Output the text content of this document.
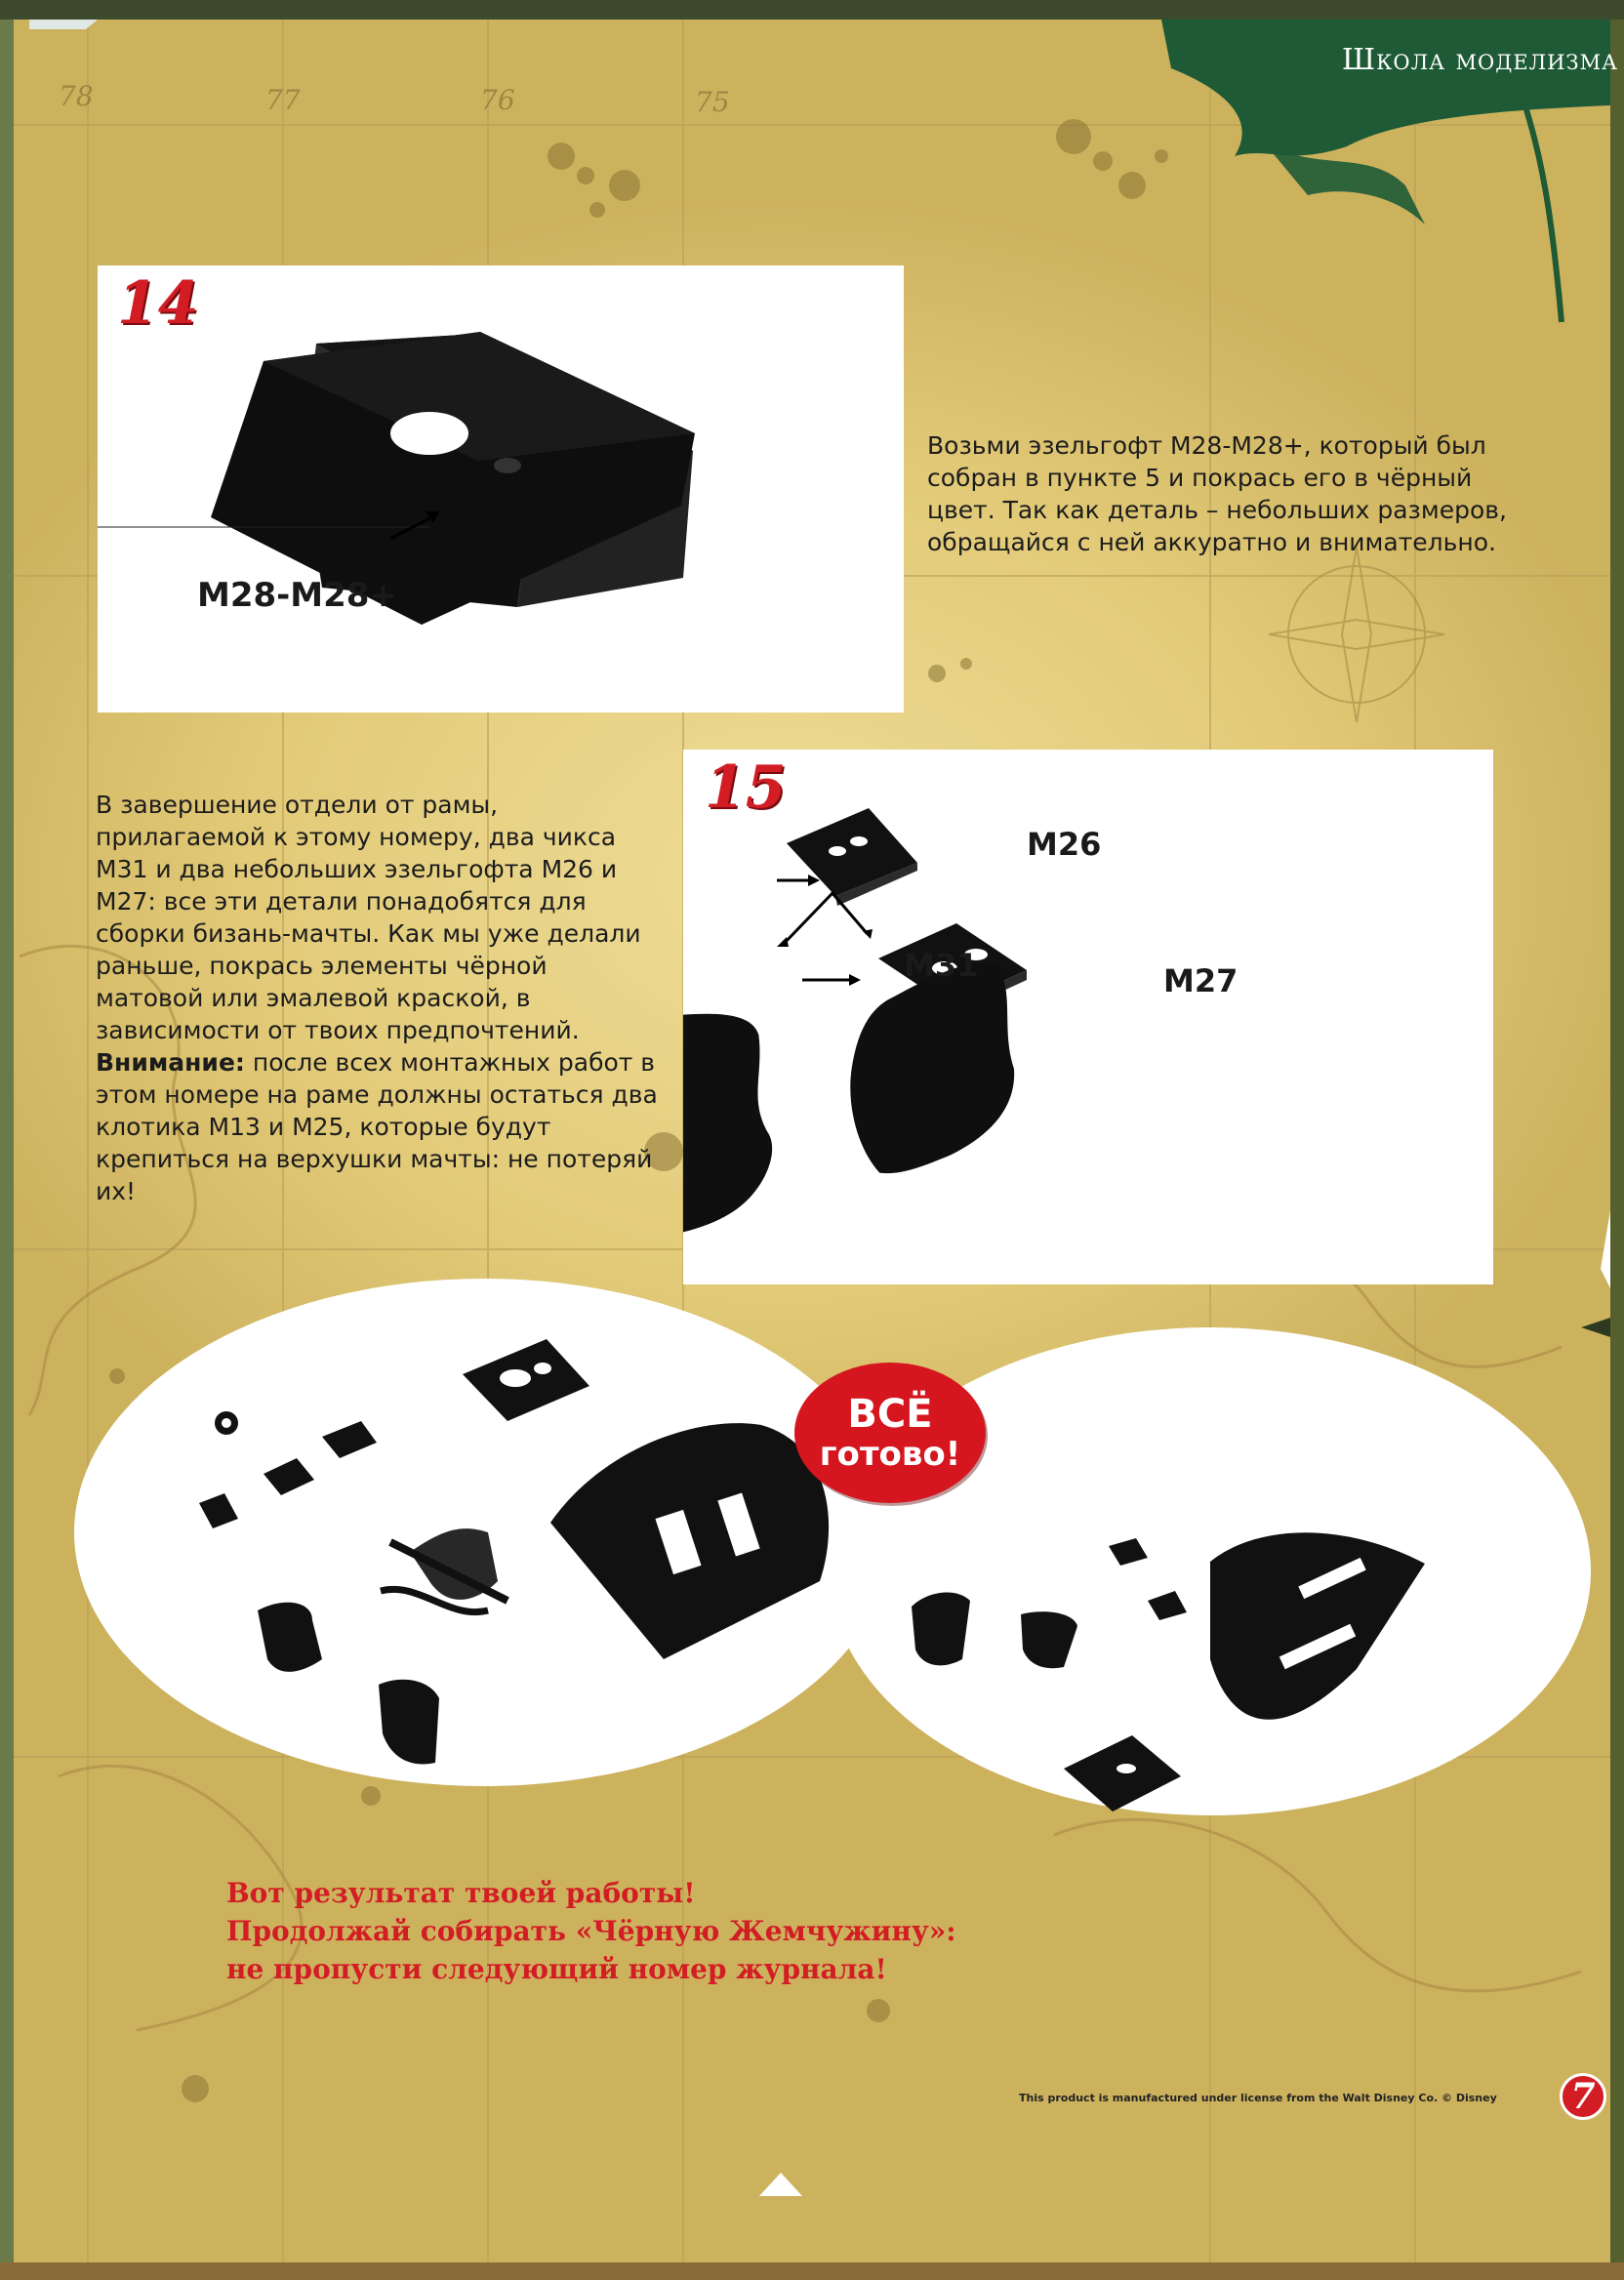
78	77	76	75
Школа моделизма
14
M28-M28+
Возьми эзельгофт M28-M28+, который был собран в пункте 5 и покрась его в чёрный цвет. Так как деталь – небольших размеров, обращайся с ней аккуратно и внимательно.
15
M26
M27
M31
В завершение отдели от рамы, прилагаемой к этому номеру, два чикса M31 и два небольших эзельгофта M26 и M27: все эти детали понадобятся для сборки бизань-мачты. Как мы уже делали раньше, покрась элементы чёрной матовой или эмалевой краской, в зависимости от твоих предпочтений.
Внимание: после всех монтажных работ в этом номере на раме должны остаться два клотика M13 и M25, которые будут крепиться на верхушки мачты: не потеряй их!
ВСЁ
готово!
Вот результат твоей работы!
Продолжай собирать «Чёрную Жемчужину»:
не пропусти следующий номер журнала!
This product is manufactured under license from the Walt Disney Co. © Disney	7
